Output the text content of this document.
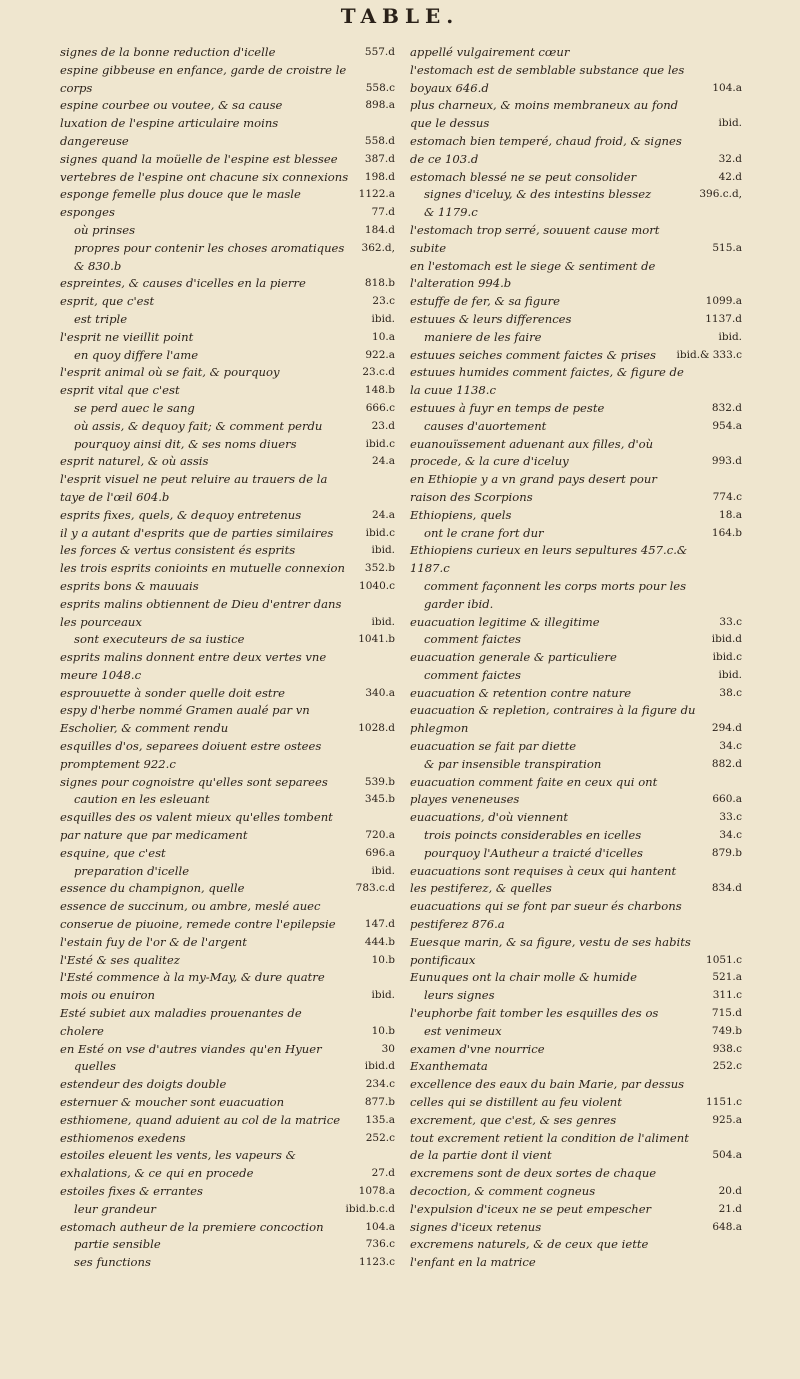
TABLE.
signes de la bonne reduction d'icelle	557.d
espine gibbeuse en enfance, garde de croistre le corps	558.c
espine courbee ou voutee, & sa cause	898.a
luxation de l'espine articulaire moins dangereuse	558.d
signes quand la moüelle de l'espine est blessee	387.d
vertebres de l'espine ont chacune six connexions 198.d
esponge femelle plus douce que le masle	1122.a
esponges	77.d
où prinses	184.d
propres pour contenir les choses aromatiques 362.d,
& 830.b
espreintes, & causes d'icelles en la pierre	818.b
esprit, que c'est	23.c
est triple	ibid.
l'esprit ne vieillit point	10.a
en quoy differe l'ame	922.a
l'esprit animal où se fait, & pourquoy	23.c.d
esprit vital que c'est	148.b
se perd auec le sang	666.c
où assis, & dequoy fait; & comment perdu	23.d
pourquoy ainsi dit, & ses noms diuers	ibid.c
esprit naturel, & où assis	24.a
l'esprit visuel ne peut reluire au trauers de la taye de l'œil 604.b
esprits fixes, quels, & dequoy entretenus	24.a
il y a autant d'esprits que de parties similaires	ibid.c
les forces & vertus consistent és esprits	ibid.
les trois esprits conioints en mutuelle connexion 352.b
esprits bons & mauuais	1040.c
esprits malins obtiennent de Dieu d'entrer dans les pourceaux	ibid.
sont executeurs de sa iustice	1041.b
esprits malins donnent entre deux vertes vne meure 1048.c
esprouuette à sonder quelle doit estre	340.a
espy d'herbe nommé Gramen aualé par vn Escholier, & comment rendu	1028.d
esquilles d'os, separees doiuent estre ostees promptement 922.c
signes pour cognoistre qu'elles sont separees	539.b
caution en les esleuant	345.b
esquilles des os valent mieux qu'elles tombent par nature que par medicament	720.a
esquine, que c'est	696.a
preparation d'icelle	ibid.
essence du champignon, quelle	783.c.d
essence de succinum, ou ambre, meslé auec conserue de piuoine, remede contre l'epilepsie	147.d
l'estain fuy de l'or & de l'argent	444.b
l'Esté & ses qualitez	10.b
l'Esté commence à la my-May, & dure quatre mois ou enuiron	ibid.
Esté subiet aux maladies prouenantes de cholere	10.b
en Esté on vse d'autres viandes qu'en Hyuer	30
quelles	ibid.d
estendeur des doigts double	234.c
esternuer & moucher sont euacuation	877.b
esthiomene, quand aduient au col de la matrice 135.a
esthiomenos exedens	252.c
estoiles eleuent les vents, les vapeurs & exhalations, & ce qui en procede	27.d
estoiles fixes & errantes	1078.a
leur grandeur	ibid.b.c.d
estomach autheur de la premiere concoction	104.a
partie sensible	736.c
ses functions	1123.c
appellé vulgairement cœur
l'estomach est de semblable substance que les boyaux 646.d	104.a
plus charneux, & moins membraneux au fond que le dessus	ibid.
estomach bien temperé, chaud froid, & signes de ce 103.d	32.d
estomach blessé ne se peut consolider	42.d
signes d'iceluy, & des intestins blessez	396.c.d,
& 1179.c
l'estomach trop serré, souuent cause mort subite	515.a
en l'estomach est le siege & sentiment de l'alteration 994.b
estuffe de fer, & sa figure	1099.a
estuues & leurs differences	1137.d
maniere de les faire	ibid.
estuues seiches comment faictes & prises ibid.& 333.c
estuues humides comment faictes, & figure de la cuue 1138.c
estuues à fuyr en temps de peste	832.d
causes d'auortement	954.a
euanouïssement aduenant aux filles, d'où procede, & la cure d'iceluy	993.d
en Ethiopie y a vn grand pays desert pour raison des Scorpions	774.c
Ethiopiens, quels	18.a
ont le crane fort dur	164.b
Ethiopiens curieux en leurs sepultures 457.c.& 1187.c
comment façonnent les corps morts pour les garder ibid.
euacuation legitime & illegitime	33.c
comment faictes	ibid.d
euacuation generale & particuliere	ibid.c
comment faictes	ibid.
euacuation & retention contre nature	38.c
euacuation & repletion, contraires à la figure du phlegmon	294.d
euacuation se fait par diette	34.c
& par insensible transpiration	882.d
euacuation comment faite en ceux qui ont playes veneneuses	660.a
euacuations, d'où viennent	33.c
trois poincts considerables en icelles	34.c
pourquoy l'Autheur a traicté d'icelles	879.b
euacuations sont requises à ceux qui hantent les pestiferez, & quelles	834.d
euacuations qui se font par sueur és charbons pestiferez 876.a
Euesque marin, & sa figure, vestu de ses habits pontificaux	1051.c
Eunuques ont la chair molle & humide	521.a
leurs signes	311.c
l'euphorbe fait tomber les esquilles des os	715.d
est venimeux	749.b
examen d'vne nourrice	938.c
Exanthemata	252.c
excellence des eaux du bain Marie, par dessus celles qui se distillent au feu violent	1151.c
excrement, que c'est, & ses genres	925.a
tout excrement retient la condition de l'aliment de la partie dont il vient	504.a
excremens sont de deux sortes de chaque decoction, & comment cogneus	20.d
l'expulsion d'iceux ne se peut empescher	21.d
signes d'iceux retenus	648.a
excremens naturels, & de ceux que iette l'enfant en la matrice
